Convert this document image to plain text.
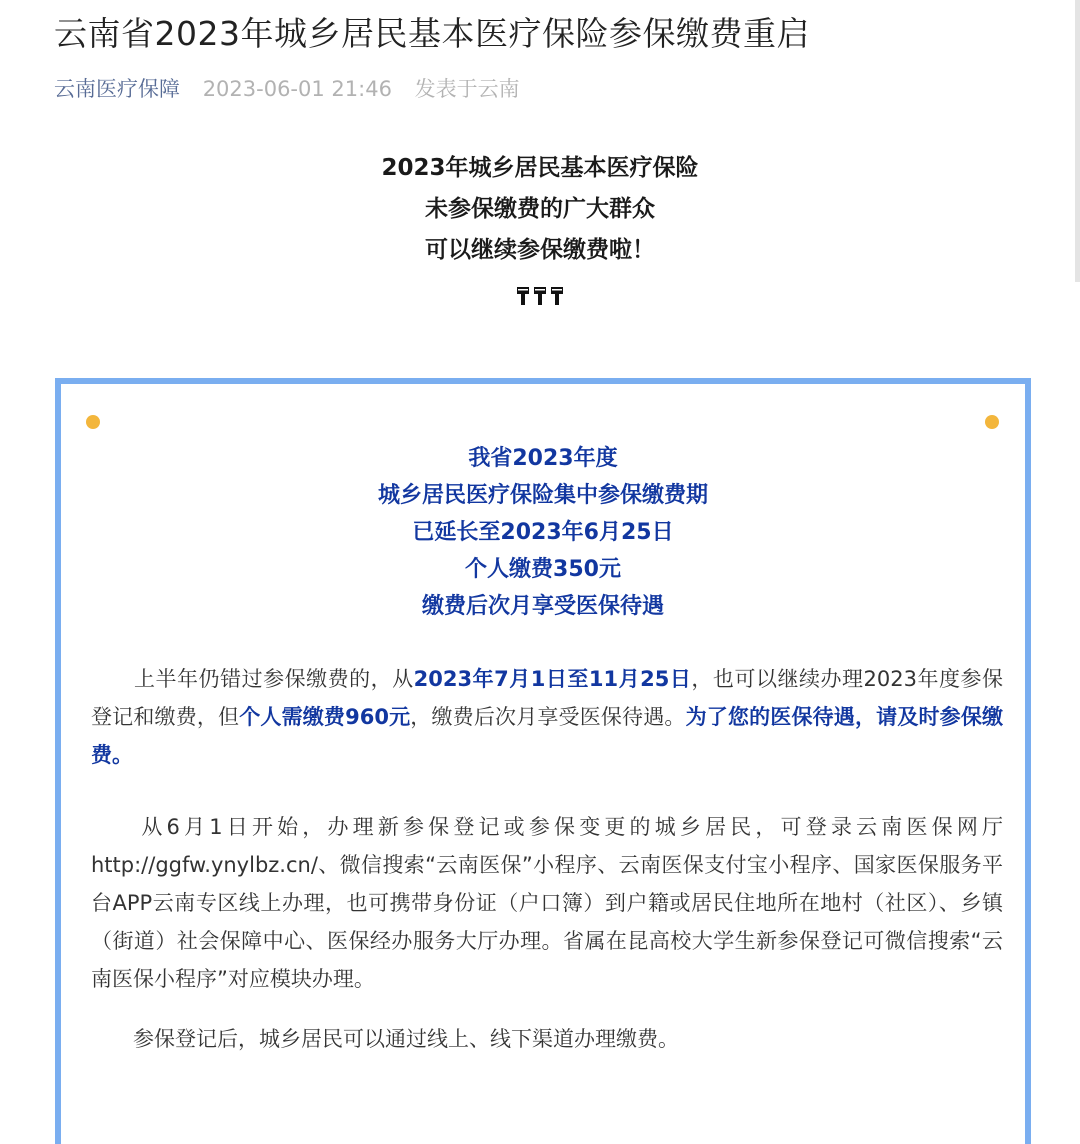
云南省2023年城乡居民基本医疗保险参保缴费重启
云南医疗保障 2023-06-01 21:46 发表于云南

2023年城乡居民基本医疗保险

未参保缴费的广大群众

可以继续参保缴费啦！

我省2023年度

城乡居民医疗保险集中参保缴费期

已延长至2023年6月25日

个人缴费350元

缴费后次月享受医保待遇

　　上半年仍错过参保缴费的，从2023年7月1日至11月25日，也可以继续办理2023年度参保登记和缴费，但个人需缴费960元，缴费后次月享受医保待遇。为了您的医保待遇，请及时参保缴费。

　　从6月1日开始，办理新参保登记或参保变更的城乡居民，可登录云南医保网厅http://ggfw.ynylbz.cn/、微信搜索“云南医保”小程序、云南医保支付宝小程序、国家医保服务平台APP云南专区线上办理，也可携带身份证（户口簿）到户籍或居民住地所在地村（社区）、乡镇（街道）社会保障中心、医保经办服务大厅办理。省属在昆高校大学生新参保登记可微信搜索“云南医保小程序”对应模块办理。

　　参保登记后，城乡居民可以通过线上、线下渠道办理缴费。
